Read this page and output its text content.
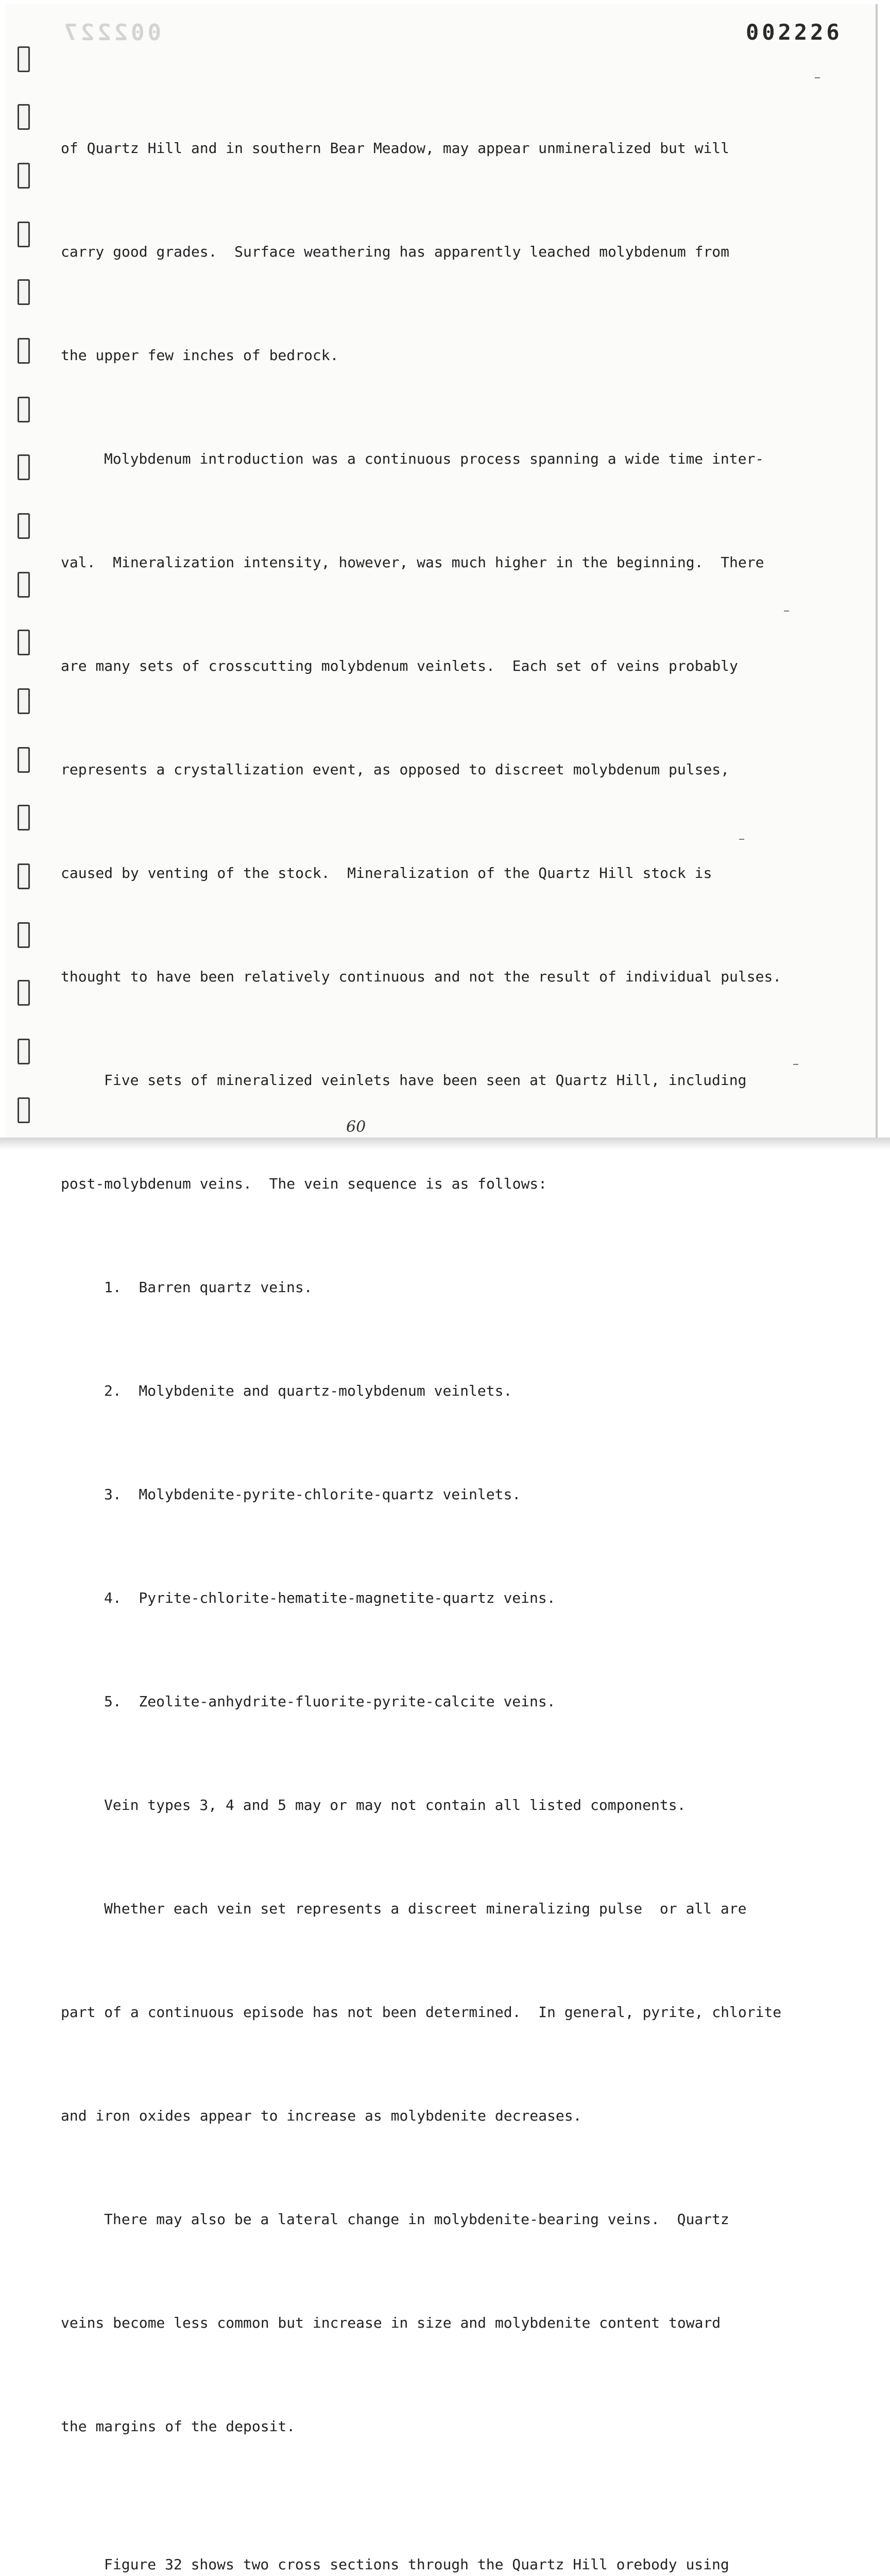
002227	002226

of Quartz Hill and in southern Bear Meadow, may appear unmineralized but will

carry good grades.  Surface weathering has apparently leached molybdenum from

the upper few inches of bedrock.

Molybdenum introduction was a continuous process spanning a wide time inter-

val.  Mineralization intensity, however, was much higher in the beginning.  There

are many sets of crosscutting molybdenum veinlets.  Each set of veins probably

represents a crystallization event, as opposed to discreet molybdenum pulses,

caused by venting of the stock.  Mineralization of the Quartz Hill stock is

thought to have been relatively continuous and not the result of individual pulses.

Five sets of mineralized veinlets have been seen at Quartz Hill, including

post-molybdenum veins.  The vein sequence is as follows:

1.  Barren quartz veins.

2.  Molybdenite and quartz-molybdenum veinlets.

3.  Molybdenite-pyrite-chlorite-quartz veinlets.

4.  Pyrite-chlorite-hematite-magnetite-quartz veins.

5.  Zeolite-anhydrite-fluorite-pyrite-calcite veins.

Vein types 3, 4 and 5 may or may not contain all listed components.

Whether each vein set represents a discreet mineralizing pulse  or all are

part of a continuous episode has not been determined.  In general, pyrite, chlorite

and iron oxides appear to increase as molybdenite decreases.

There may also be a lateral change in molybdenite-bearing veins.  Quartz

veins become less common but increase in size and molybdenite content toward

the margins of the deposit.

Figure 32 shows two cross sections through the Quartz Hill orebody using

60
